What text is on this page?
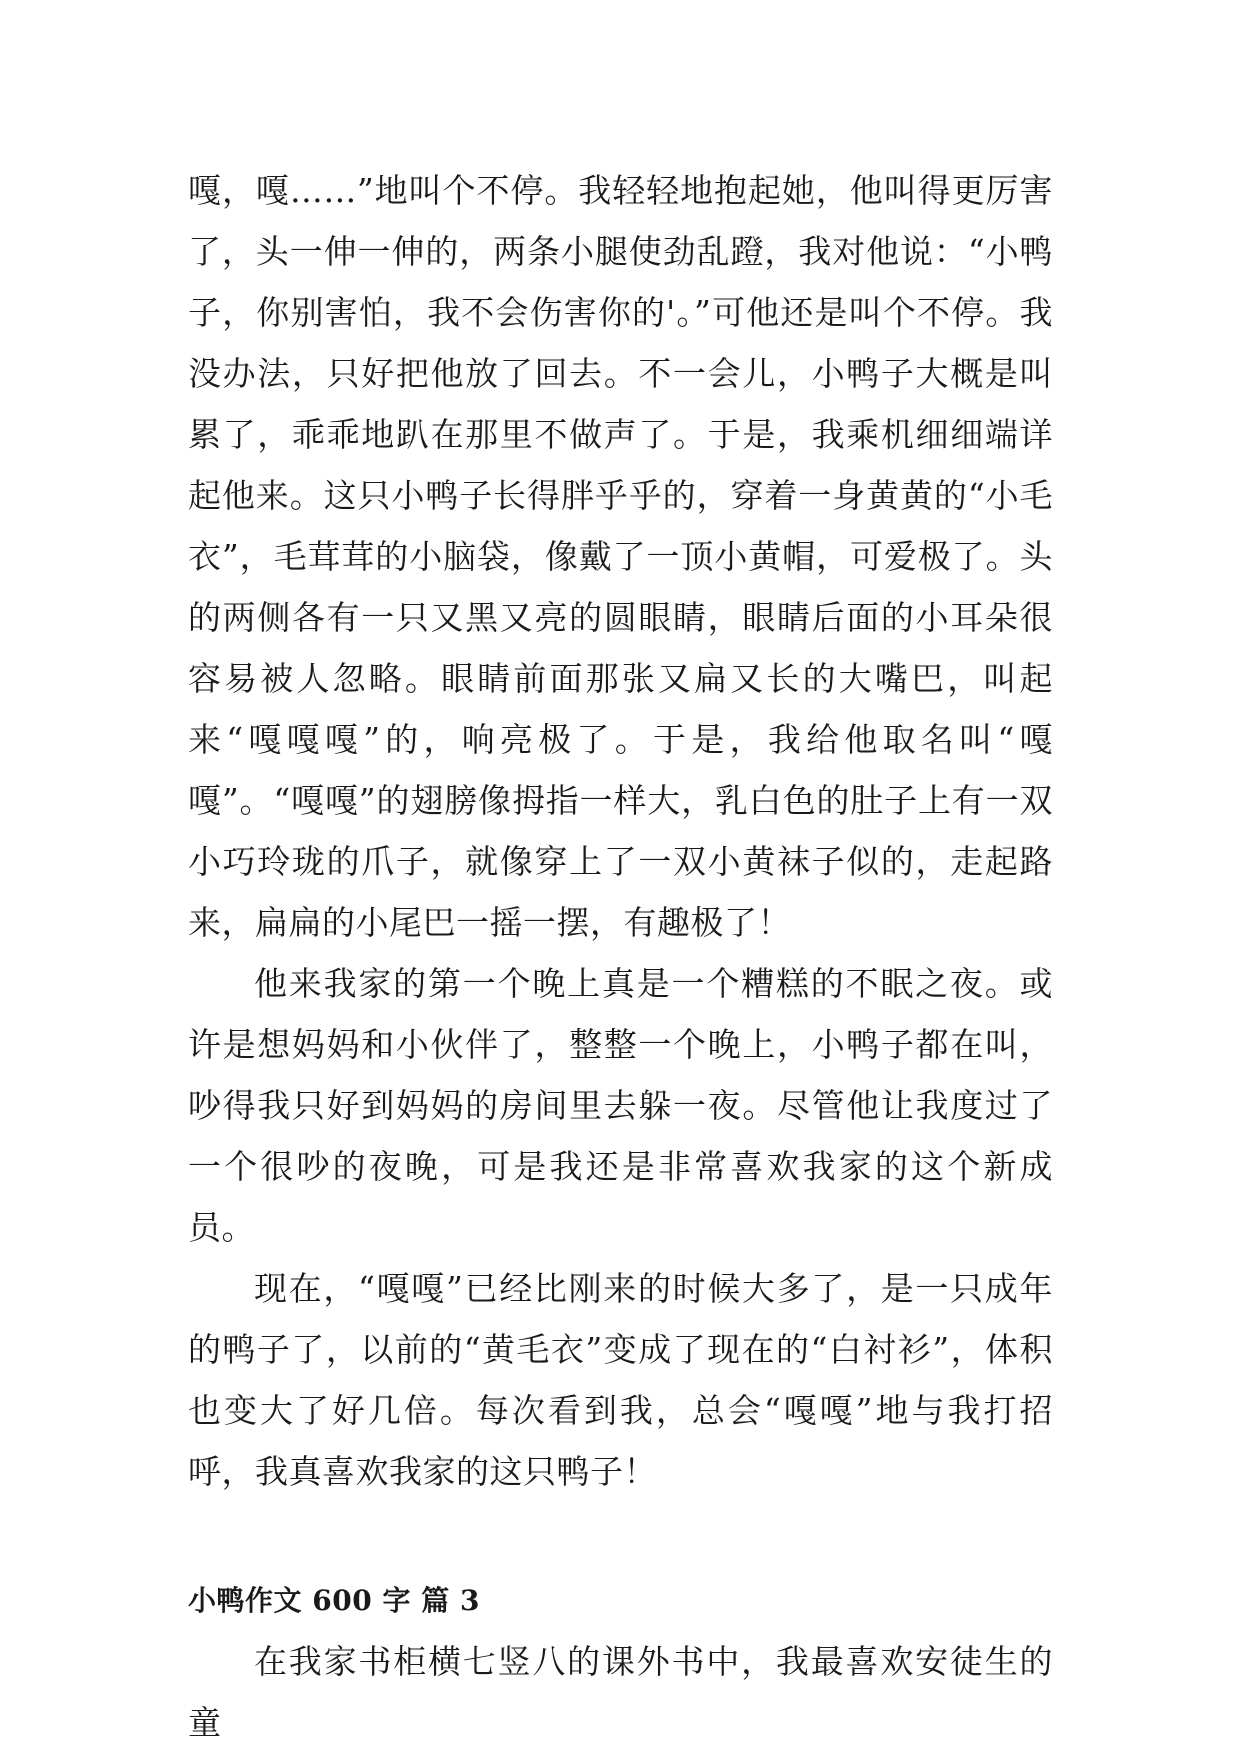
嘎，嘎……”地叫个不停。我轻轻地抱起她，他叫得更厉害了，头一伸一伸的，两条小腿使劲乱蹬，我对他说：“小鸭子，你别害怕，我不会伤害你的'。”可他还是叫个不停。我没办法，只好把他放了回去。不一会儿，小鸭子大概是叫累了，乖乖地趴在那里不做声了。于是，我乘机细细端详起他来。这只小鸭子长得胖乎乎的，穿着一身黄黄的“小毛衣”，毛茸茸的小脑袋，像戴了一顶小黄帽，可爱极了。头的两侧各有一只又黑又亮的圆眼睛，眼睛后面的小耳朵很容易被人忽略。眼睛前面那张又扁又长的大嘴巴，叫起来“嘎嘎嘎”的，响亮极了。于是，我给他取名叫“嘎嘎”。“嘎嘎”的翅膀像拇指一样大，乳白色的肚子上有一双小巧玲珑的爪子，就像穿上了一双小黄袜子似的，走起路来，扁扁的小尾巴一摇一摆，有趣极了！

他来我家的第一个晚上真是一个糟糕的不眠之夜。或许是想妈妈和小伙伴了，整整一个晚上，小鸭子都在叫，吵得我只好到妈妈的房间里去躲一夜。尽管他让我度过了一个很吵的夜晚，可是我还是非常喜欢我家的这个新成员。

现在，“嘎嘎”已经比刚来的时候大多了，是一只成年的鸭子了，以前的“黄毛衣”变成了现在的“白衬衫”，体积也变大了好几倍。每次看到我，总会“嘎嘎”地与我打招呼，我真喜欢我家的这只鸭子！

小鸭作文 600 字 篇 3

在我家书柜横七竖八的课外书中，我最喜欢安徒生的童
